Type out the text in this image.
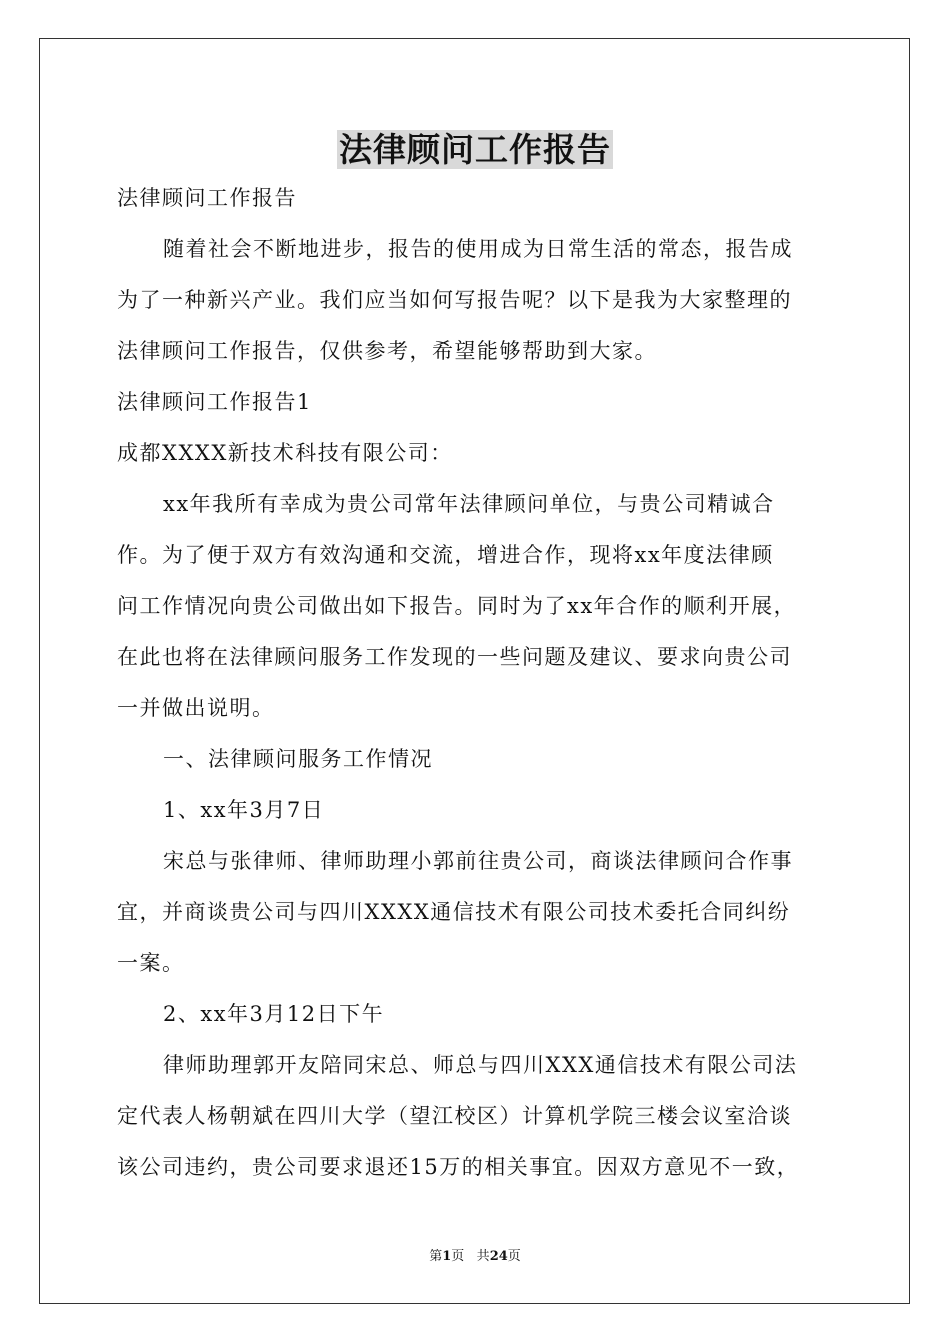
法律顾问工作报告
法律顾问工作报告
随着社会不断地进步，报告的使用成为日常生活的常态，报告成
为了一种新兴产业。我们应当如何写报告呢？以下是我为大家整理的
法律顾问工作报告，仅供参考，希望能够帮助到大家。
法律顾问工作报告1
成都XXXX新技术科技有限公司：
xx年我所有幸成为贵公司常年法律顾问单位，与贵公司精诚合
作。为了便于双方有效沟通和交流，增进合作，现将xx年度法律顾
问工作情况向贵公司做出如下报告。同时为了xx年合作的顺利开展，
在此也将在法律顾问服务工作发现的一些问题及建议、要求向贵公司
一并做出说明。
一、法律顾问服务工作情况
1、xx年3月7日
宋总与张律师、律师助理小郭前往贵公司，商谈法律顾问合作事
宜，并商谈贵公司与四川XXXX通信技术有限公司技术委托合同纠纷
一案。
2、xx年3月12日下午
律师助理郭开友陪同宋总、师总与四川XXX通信技术有限公司法
定代表人杨朝斌在四川大学（望江校区）计算机学院三楼会议室洽谈
该公司违约，贵公司要求退还15万的相关事宜。因双方意见不一致，
第1页 共24页
